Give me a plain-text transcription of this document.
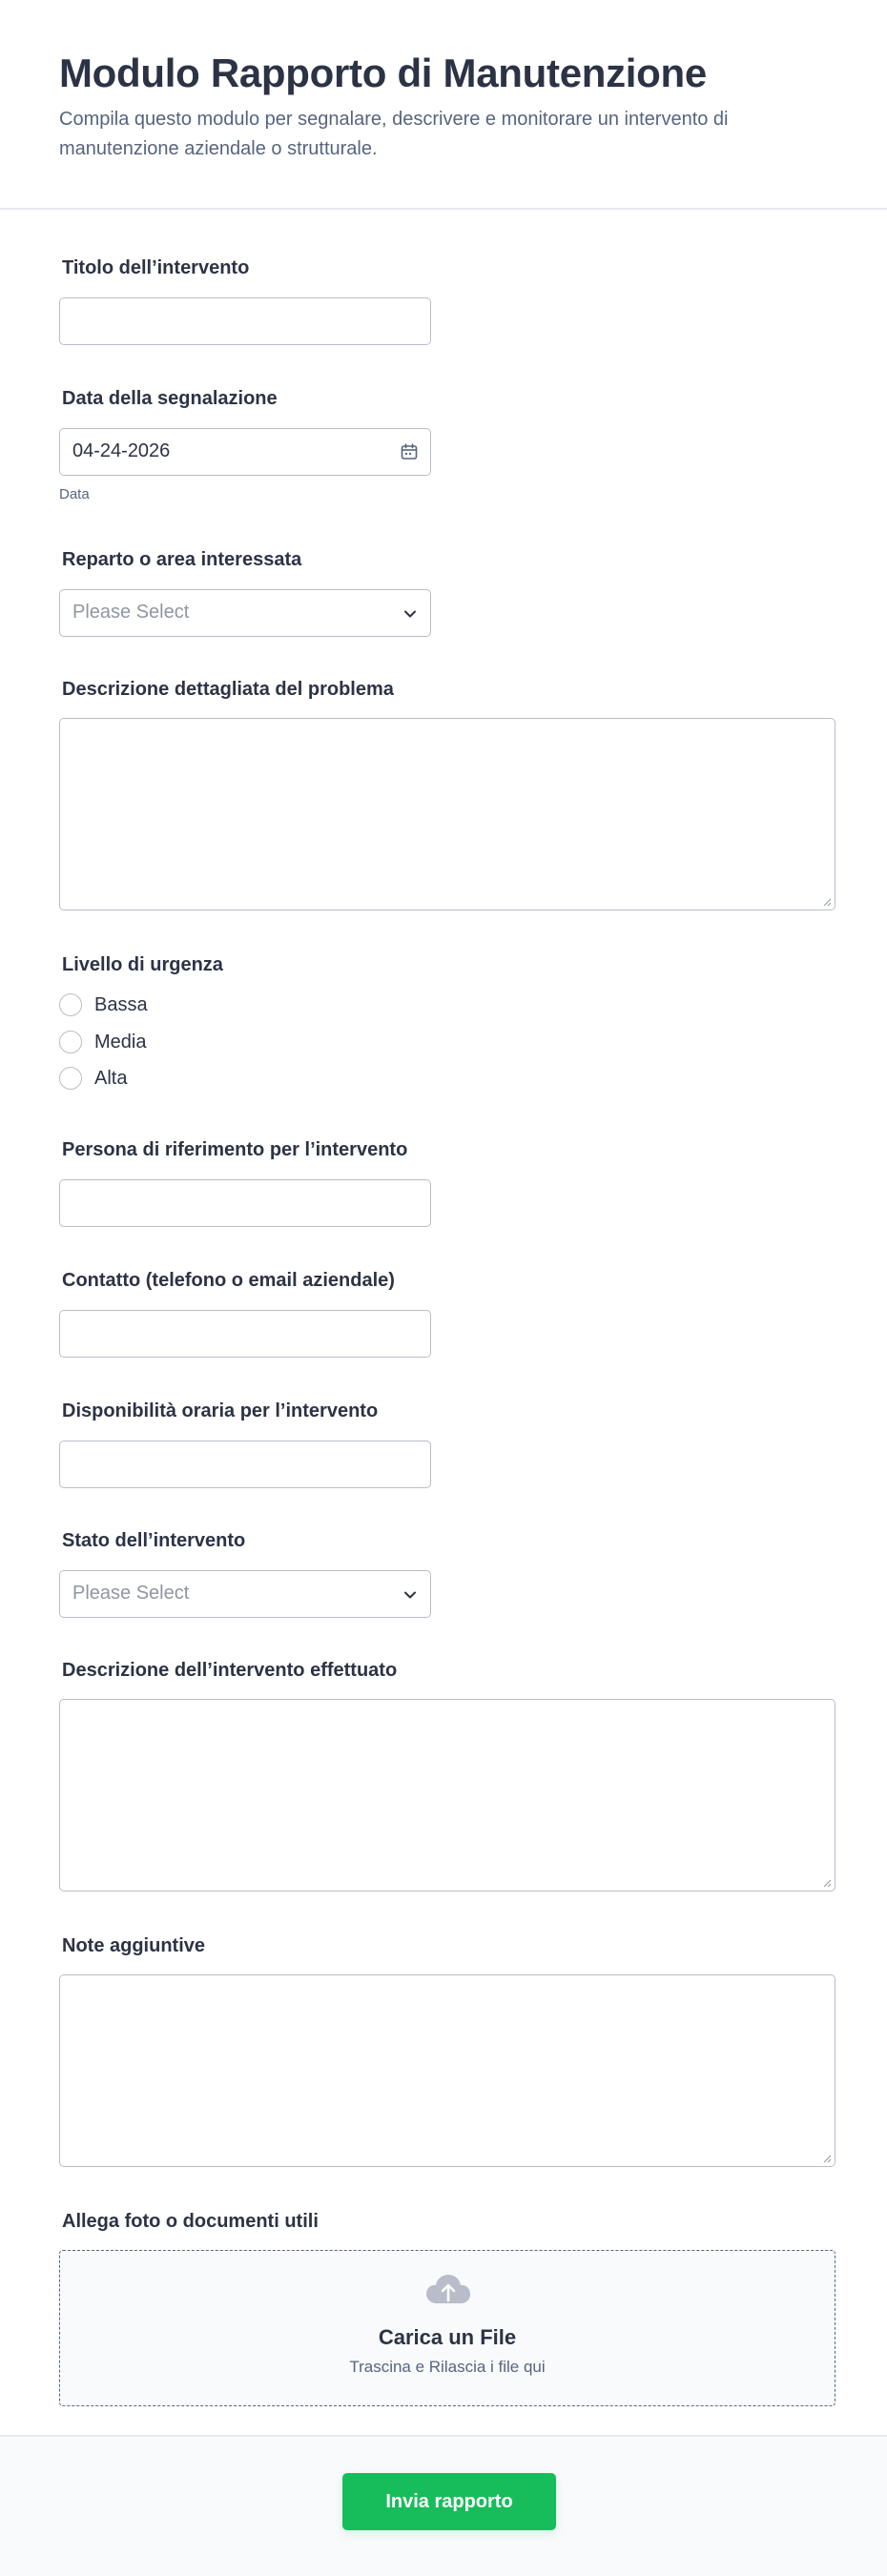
Modulo Rapporto di Manutenzione

Compila questo modulo per segnalare, descrivere e monitorare un intervento di manutenzione aziendale o strutturale.

Titolo dell’intervento
Data della segnalazione
04-24-2026
Data
Reparto o area interessata
Please Select
Descrizione dettagliata del problema
Livello di urgenza
Bassa
Media
Alta
Persona di riferimento per l’intervento
Contatto (telefono o email aziendale)
Disponibilità oraria per l’intervento
Stato dell’intervento
Please Select
Descrizione dell’intervento effettuato
Note aggiuntive
Allega foto o documenti utili
Carica un File
Trascina e Rilascia i file qui
Invia rapporto
